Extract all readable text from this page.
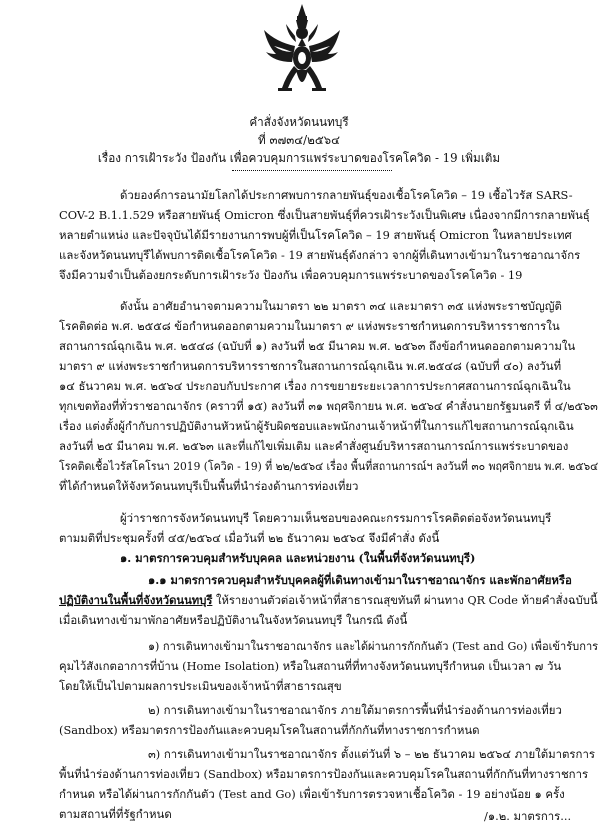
คำสั่งจังหวัดนนทบุรี
ที่ ๓๗๓๔/๒๕๖๔
เรื่อง การเฝ้าระวัง ป้องกัน เพื่อควบคุมการแพร่ระบาดของโรคโควิด - 19 เพิ่มเติม
ด้วยองค์การอนามัยโลกได้ประกาศพบการกลายพันธุ์ของเชื้อโรคโควิด – 19 เชื้อไวรัส SARS-
COV-2 B.1.1.529 หรือสายพันธุ์ Omicron ซึ่งเป็นสายพันธุ์ที่ควรเฝ้าระวังเป็นพิเศษ เนื่องจากมีการกลายพันธุ์
หลายตำแหน่ง และปัจจุบันได้มีรายงานการพบผู้ที่เป็นโรคโควิด – 19 สายพันธุ์ Omicron ในหลายประเทศ
และจังหวัดนนทบุรีได้พบการติดเชื้อโรคโควิด - 19 สายพันธุ์ดังกล่าว จากผู้ที่เดินทางเข้ามาในราชอาณาจักร
จึงมีความจำเป็นต้องยกระดับการเฝ้าระวัง ป้องกัน เพื่อควบคุมการแพร่ระบาดของโรคโควิด - 19
ดังนั้น อาศัยอำนาจตามความในมาตรา ๒๒ มาตรา ๓๔ และมาตรา ๓๕ แห่งพระราชบัญญัติ
โรคติดต่อ พ.ศ. ๒๕๕๘ ข้อกำหนดออกตามความในมาตรา ๙ แห่งพระราชกำหนดการบริหารราชการใน
สถานการณ์ฉุกเฉิน พ.ศ. ๒๕๔๘ (ฉบับที่ ๑) ลงวันที่ ๒๕ มีนาคม พ.ศ. ๒๕๖๓ ถึงข้อกำหนดออกตามความใน
มาตรา ๙ แห่งพระราชกำหนดการบริหารราชการในสถานการณ์ฉุกเฉิน พ.ศ.๒๕๔๘ (ฉบับที่ ๔๐) ลงวันที่
๑๔ ธันวาคม พ.ศ. ๒๕๖๔ ประกอบกับประกาศ เรื่อง การขยายระยะเวลาการประกาศสถานการณ์ฉุกเฉินใน
ทุกเขตท้องที่ทั่วราชอาณาจักร (คราวที่ ๑๕) ลงวันที่ ๓๑ พฤศจิกายน พ.ศ. ๒๕๖๔ คำสั่งนายกรัฐมนตรี ที่ ๔/๒๕๖๓
เรื่อง แต่งตั้งผู้กำกับการปฏิบัติงานหัวหน้าผู้รับผิดชอบและพนักงานเจ้าหน้าที่ในการแก้ไขสถานการณ์ฉุกเฉิน
ลงวันที่ ๒๕ มีนาคม พ.ศ. ๒๕๖๓ และที่แก้ไขเพิ่มเติม และคำสั่งศูนย์บริหารสถานการณ์การแพร่ระบาดของ
โรคติดเชื้อไวรัสโคโรนา 2019 (โควิด - 19) ที่ ๒๒/๒๕๖๔ เรื่อง พื้นที่สถานการณ์ฯ ลงวันที่ ๓๐ พฤศจิกายน พ.ศ. ๒๕๖๔
ที่ได้กำหนดให้จังหวัดนนทบุรีเป็นพื้นที่นำร่องด้านการท่องเที่ยว
ผู้ว่าราชการจังหวัดนนทบุรี โดยความเห็นชอบของคณะกรรมการโรคติดต่อจังหวัดนนทบุรี
ตามมติที่ประชุมครั้งที่ ๔๕/๒๕๖๔ เมื่อวันที่ ๒๒ ธันวาคม ๒๕๖๔ จึงมีคำสั่ง ดังนี้
๑. มาตรการควบคุมสำหรับบุคคล และหน่วยงาน (ในพื้นที่จังหวัดนนทบุรี)
๑.๑ มาตรการควบคุมสำหรับบุคคลผู้ที่เดินทางเข้ามาในราชอาณาจักร และพักอาศัยหรือ
ปฏิบัติงานในพื้นที่จังหวัดนนทบุรี ให้รายงานตัวต่อเจ้าหน้าที่สาธารณสุขทันที ผ่านทาง QR Code ท้ายคำสั่งฉบับนี้
เมื่อเดินทางเข้ามาพักอาศัยหรือปฏิบัติงานในจังหวัดนนทบุรี ในกรณี ดังนี้
๑) การเดินทางเข้ามาในราชอาณาจักร และได้ผ่านการกักกันตัว (Test and Go) เพื่อเข้ารับการ
คุมไว้สังเกตอาการที่บ้าน (Home Isolation) หรือในสถานที่ที่ทางจังหวัดนนทบุรีกำหนด เป็นเวลา ๗ วัน
โดยให้เป็นไปตามผลการประเมินของเจ้าหน้าที่สาธารณสุข
๒) การเดินทางเข้ามาในราชอาณาจักร ภายใต้มาตรการพื้นที่นำร่องด้านการท่องเที่ยว
(Sandbox) หรือมาตรการป้องกันและควบคุมโรคในสถานที่กักกันที่ทางราชการกำหนด
๓) การเดินทางเข้ามาในราชอาณาจักร ตั้งแต่วันที่ ๖ – ๒๒ ธันวาคม ๒๕๖๔ ภายใต้มาตรการ
พื้นที่นำร่องด้านการท่องเที่ยว (Sandbox) หรือมาตรการป้องกันและควบคุมโรคในสถานที่กักกันที่ทางราชการ
กำหนด หรือได้ผ่านการกักกันตัว (Test and Go) เพื่อเข้ารับการตรวจหาเชื้อโควิด - 19 อย่างน้อย ๑ ครั้ง
ตามสถานที่ที่รัฐกำหนด	/๑.๒. มาตรการ...
